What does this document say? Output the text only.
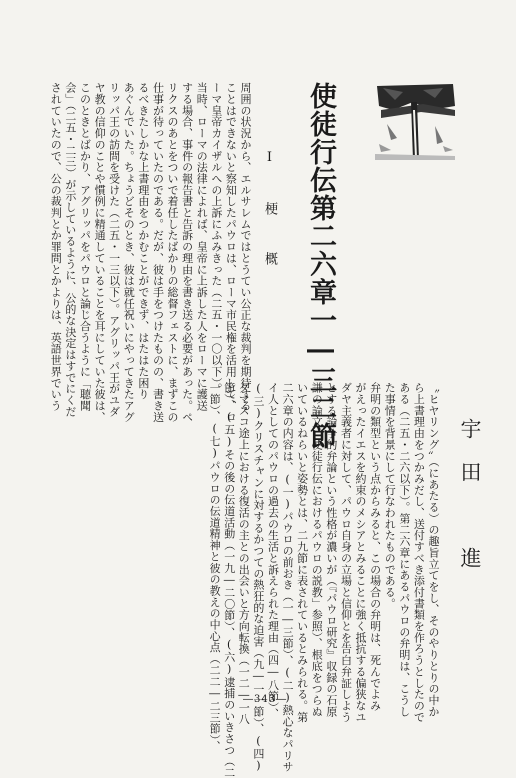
使徒行伝第二六章一―三二節
I　梗　概

周囲の状況から、エルサレムではとうてい公正な裁判を期待する

ことはできないと察知したパウロは、ローマ市民権を活用して、ロ

ーマ皇帝カイザルへの上訴にふみきった（二五・一〇以下）。

当時、ローマの法律によれば、皇帝に上訴した人をローマに護送

する場合、事件の報告書と告訴の理由を書き送る必要があった。ペ

リクスのあとをついで着任したばかりの総督フェストに、まずこの

仕事が待っていたのである。だが、彼は手をつけたものの、書き送

るべきたしかな上書理由をつかむことができず、はたはた困り

あぐんでいた。ちょうどそのとき、彼は就任祝いにやってきたアグ

リッパ王の訪問を受けた（二五・一三以下）。アグリッパ王がユダ

ヤ教の信仰のことや慣例に精通していることを耳にしていた彼は、

このときとばかり、アグリッパをパウロと論じ合うように「聴聞

会」（二五・二三）が示しているように、公的な決定はすでにくだ

されていたので、公の裁判とか罪問とかよりは、英語世界でいう

宇田　進

〝ヒヤリング〟（にあたる）の趣旨立てをし、そのやりとりの中か

ら上書理由をつかみだし、送付すべき添付書類を作ろうとしたので

ある（二五・二六以下）。第二六章にあるパウロの弁明は、こうし

た事情を背景にして行なわれたものである。

弁明の類型という点からみると、この場合の弁明は、死んでよみ

がえったイエスを約束のメシアとみることに強く抵抗する偏狭なユ

ダヤ主義者に対して、パウロ自身の立場と信仰とを告白弁証しよう

とする論争的弁論という性格が濃いが（『パウロ研究』収録の石原

謙の論文「使徒行伝におけるパウロの説教」参照）、根底をつらぬ

いているねらいと姿勢とは、二九節に表されているとみられる。第

二六章の内容は、(一)パウロの前おき（一―三節）、(二)熱心なパリサ

イ人としてのパウロの過去の生活と訴えられた理由（四―八節）、

(三)クリスチャンに対するかつての熱狂的な迫害（九―一一節）、(四)

ダマスコ途上における復活の主との出会いと方向転換（一二―一八

節）、(五)その後の伝道活動（一九―二〇節）、(六)逮捕のいきさつ（二

一節）、(七)パウロの伝道精神と彼の教えの中心点（二二―二三節）、 ―343―
